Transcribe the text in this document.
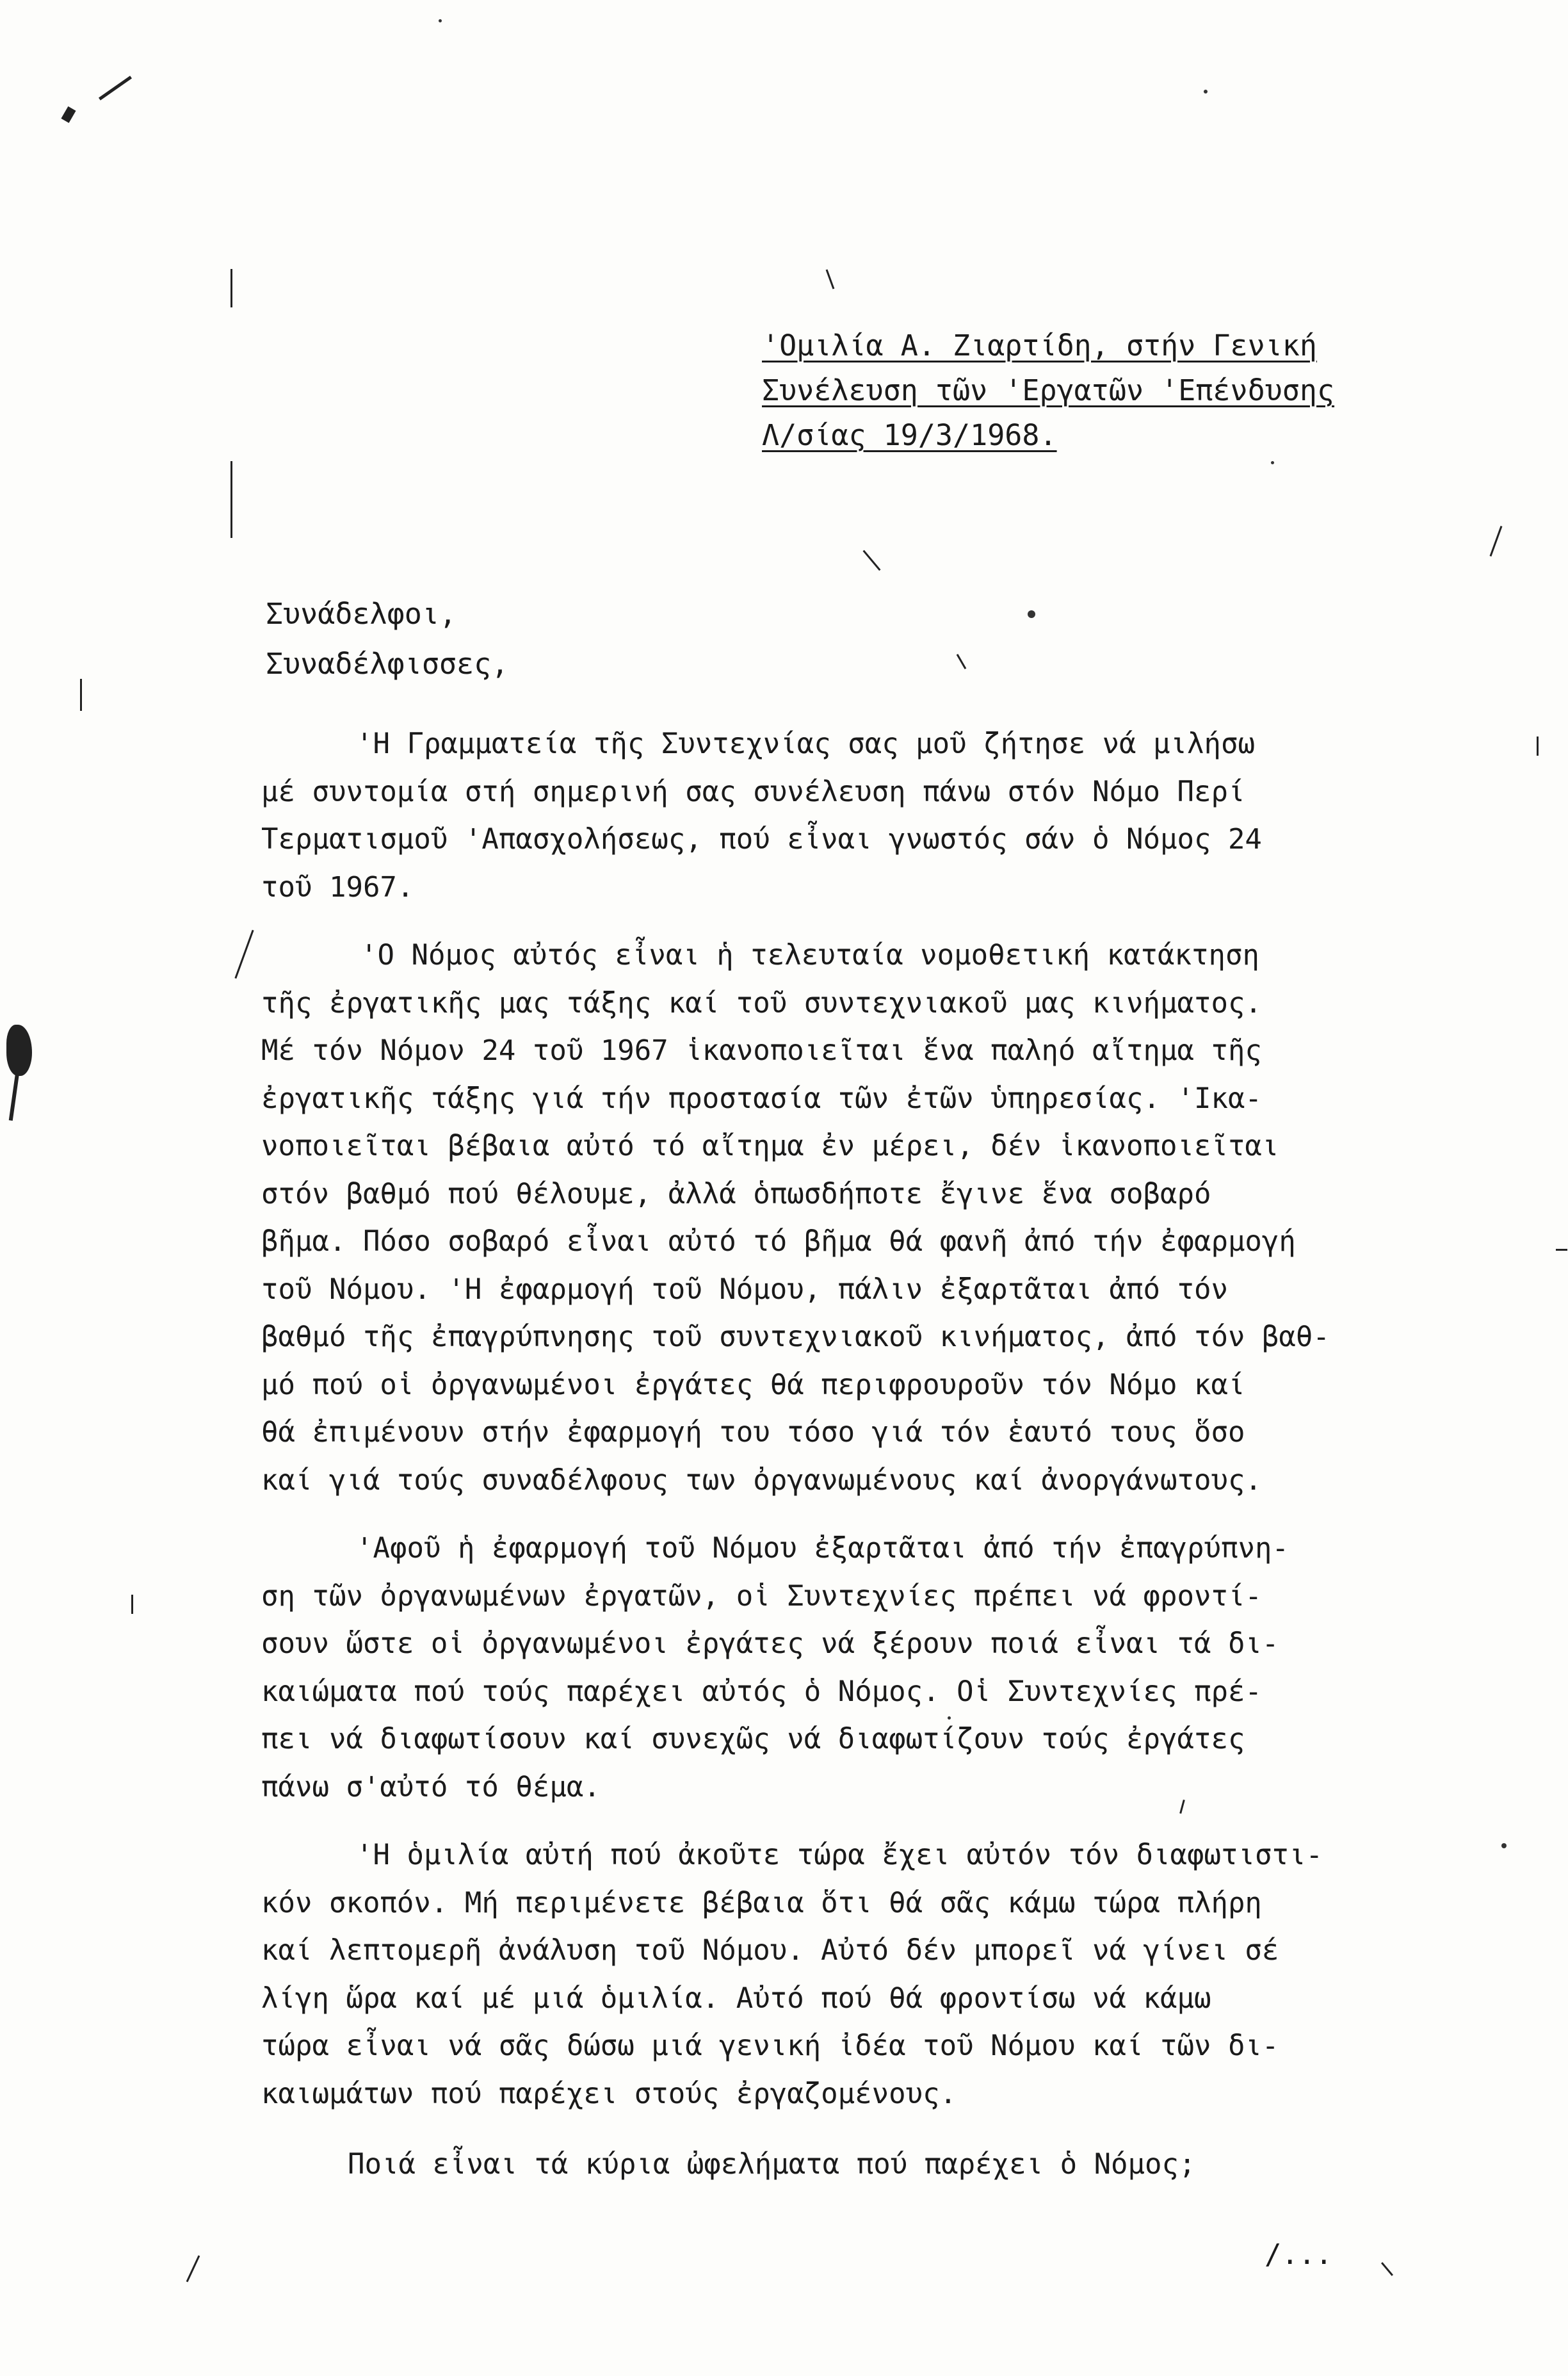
'Ομιλία Α. Ζιαρτίδη, στήν Γενική
Συνέλευση τῶν 'Εργατῶν 'Επένδυσης
Λ/σίας 19/3/1968.
Συνάδελφοι,
Συναδέλφισσες,
'Η Γραμματεία τῆς Συντεχνίας σας μοῦ ζήτησε νά μιλήσω
μέ συντομία στή σημερινή σας συνέλευση πάνω στόν Νόμο Περί
Τερματισμοῦ 'Απασχολήσεως, πού εἶναι γνωστός σάν ὁ Νόμος 24
τοῦ 1967.
'Ο Νόμος αὐτός εἶναι ἡ τελευταία νομοθετική κατάκτηση
τῆς ἐργατικῆς μας τάξης καί τοῦ συντεχνιακοῦ μας κινήματος.
Μέ τόν Νόμον 24 τοῦ 1967 ἱκανοποιεῖται ἕνα παληό αἴτημα τῆς
ἐργατικῆς τάξης γιά τήν προστασία τῶν ἐτῶν ὑπηρεσίας. 'Ικα-
νοποιεῖται βέβαια αὐτό τό αἴτημα ἐν μέρει, δέν ἱκανοποιεῖται
στόν βαθμό πού θέλουμε, ἀλλά ὁπωσδήποτε ἔγινε ἕνα σοβαρό
βῆμα. Πόσο σοβαρό εἶναι αὐτό τό βῆμα θά φανῆ ἀπό τήν ἐφαρμογή
τοῦ Νόμου. 'Η ἐφαρμογή τοῦ Νόμου, πάλιν ἐξαρτᾶται ἀπό τόν
βαθμό τῆς ἐπαγρύπνησης τοῦ συντεχνιακοῦ κινήματος, ἀπό τόν βαθ-
μό πού οἱ ὀργανωμένοι ἐργάτες θά περιφρουροῦν τόν Νόμο καί
θά ἐπιμένουν στήν ἐφαρμογή του τόσο γιά τόν ἑαυτό τους ὅσο
καί γιά τούς συναδέλφους των ὀργανωμένους καί ἀνοργάνωτους.
'Αφοῦ ἡ ἐφαρμογή τοῦ Νόμου ἐξαρτᾶται ἀπό τήν ἐπαγρύπνη-
ση τῶν ὀργανωμένων ἐργατῶν, οἱ Συντεχνίες πρέπει νά φροντί-
σουν ὥστε οἱ ὀργανωμένοι ἐργάτες νά ξέρουν ποιά εἶναι τά δι-
καιώματα πού τούς παρέχει αὐτός ὁ Νόμος. Οἱ Συντεχνίες πρέ-
πει νά διαφωτίσουν καί συνεχῶς νά διαφωτίζουν τούς ἐργάτες
πάνω σ'αὐτό τό θέμα.
'Η ὁμιλία αὐτή πού ἀκοῦτε τώρα ἔχει αὐτόν τόν διαφωτιστι-
κόν σκοπόν. Μή περιμένετε βέβαια ὅτι θά σᾶς κάμω τώρα πλήρη
καί λεπτομερῆ ἀνάλυση τοῦ Νόμου. Αὐτό δέν μπορεῖ νά γίνει σέ
λίγη ὥρα καί μέ μιά ὁμιλία. Αὐτό πού θά φροντίσω νά κάμω
τώρα εἶναι νά σᾶς δώσω μιά γενική ἰδέα τοῦ Νόμου καί τῶν δι-
καιωμάτων πού παρέχει στούς ἐργαζομένους.
Ποιά εἶναι τά κύρια ὠφελήματα πού παρέχει ὁ Νόμος;
/...
